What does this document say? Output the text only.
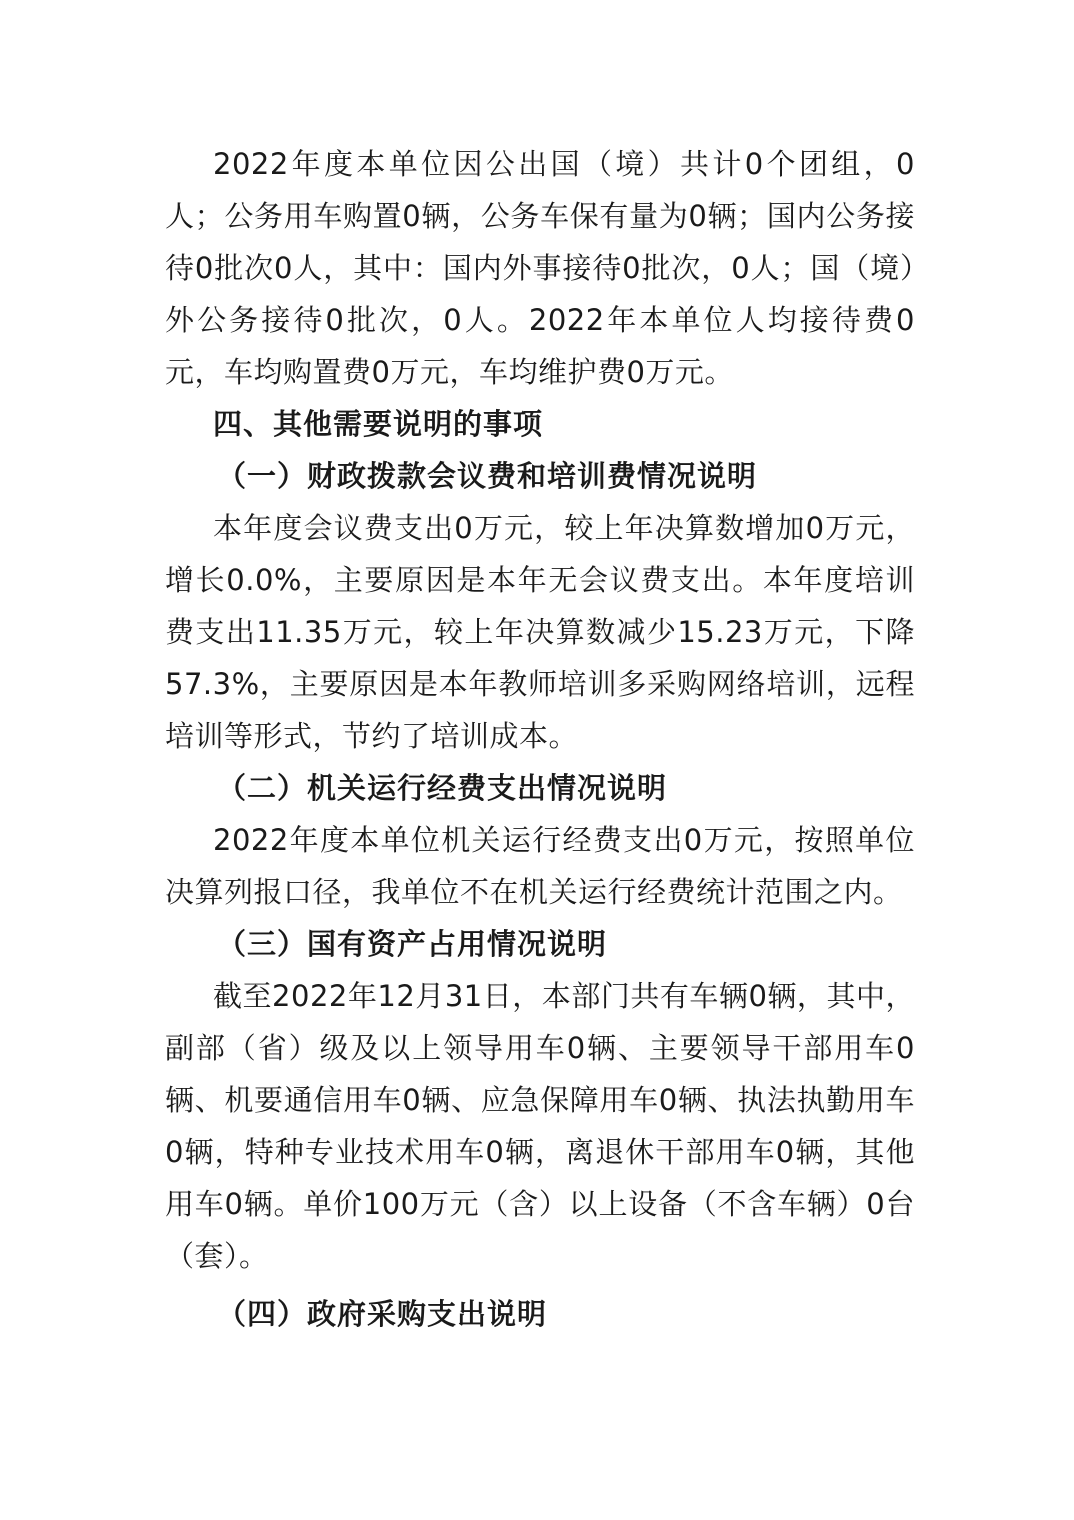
2022年度本单位因公出国（境）共计0个团组，0人；公务用车购置0辆，公务车保有量为0辆；国内公务接待0批次0人，其中：国内外事接待0批次，0人；国（境）外公务接待0批次，0人。2022年本单位人均接待费0元，车均购置费0万元，车均维护费0万元。

四、其他需要说明的事项

（一）财政拨款会议费和培训费情况说明

本年度会议费支出0万元，较上年决算数增加0万元，增长0.0%，主要原因是本年无会议费支出。本年度培训费支出11.35万元，较上年决算数减少15.23万元，下降57.3%，主要原因是本年教师培训多采购网络培训，远程培训等形式，节约了培训成本。

（二）机关运行经费支出情况说明

2022年度本单位机关运行经费支出0万元，按照单位决算列报口径，我单位不在机关运行经费统计范围之内。

（三）国有资产占用情况说明

截至2022年12月31日，本部门共有车辆0辆，其中，副部（省）级及以上领导用车0辆、主要领导干部用车0辆、机要通信用车0辆、应急保障用车0辆、执法执勤用车0辆，特种专业技术用车0辆，离退休干部用车0辆，其他用车0辆。单价100万元（含）以上设备（不含车辆）0台（套）。

（四）政府采购支出说明
